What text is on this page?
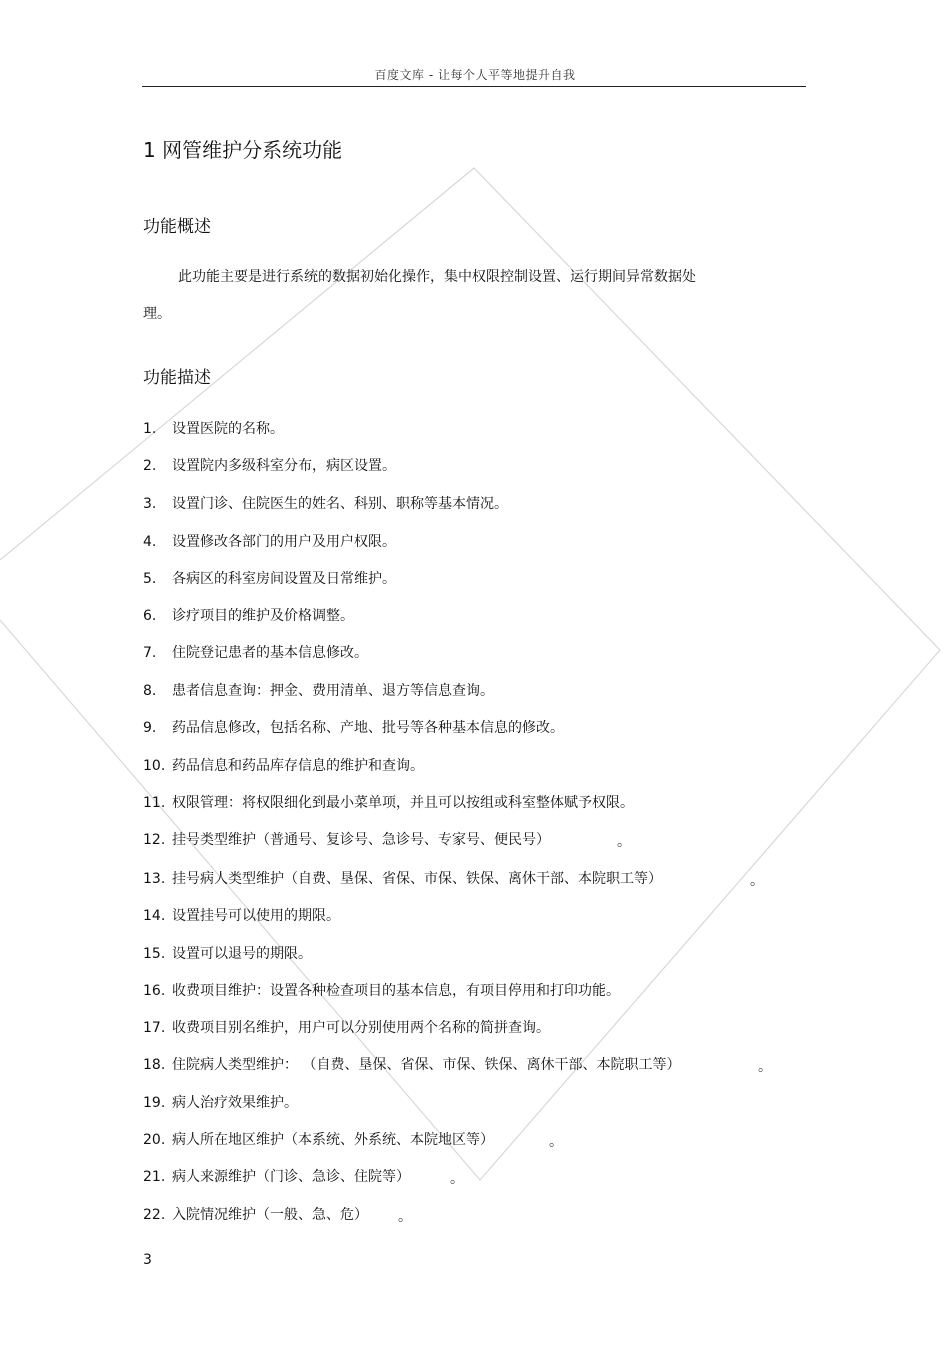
百度文库 - 让每个人平等地提升自我
1 网管维护分系统功能
功能概述
此功能主要是进行系统的数据初始化操作，集中权限控制设置、运行期间异常数据处
理。
功能描述
1. 设置医院的名称。
2. 设置院内多级科室分布，病区设置。
3. 设置门诊、住院医生的姓名、科别、职称等基本情况。
4. 设置修改各部门的用户及用户权限。
5. 各病区的科室房间设置及日常维护。
6. 诊疗项目的维护及价格调整。
7. 住院登记患者的基本信息修改。
8. 患者信息查询：押金、费用清单、退方等信息查询。
9. 药品信息修改，包括名称、产地、批号等各种基本信息的修改。
10. 药品信息和药品库存信息的维护和查询。
11. 权限管理：将权限细化到最小菜单项，并且可以按组或科室整体赋予权限。
12. 挂号类型维护（普通号、复诊号、急诊号、专家号、便民号）	。
13. 挂号病人类型维护（自费、垦保、省保、市保、铁保、离休干部、本院职工等）	。
14. 设置挂号可以使用的期限。
15. 设置可以退号的期限。
16. 收费项目维护：设置各种检查项目的基本信息，有项目停用和打印功能。
17. 收费项目别名维护，用户可以分别使用两个名称的简拼查询。
18. 住院病人类型维护： （自费、垦保、省保、市保、铁保、离休干部、本院职工等）	。
19. 病人治疗效果维护。
20. 病人所在地区维护（本系统、外系统、本院地区等）	。
21. 病人来源维护（门诊、急诊、住院等）	。
22. 入院情况维护（一般、急、危） 。
3
